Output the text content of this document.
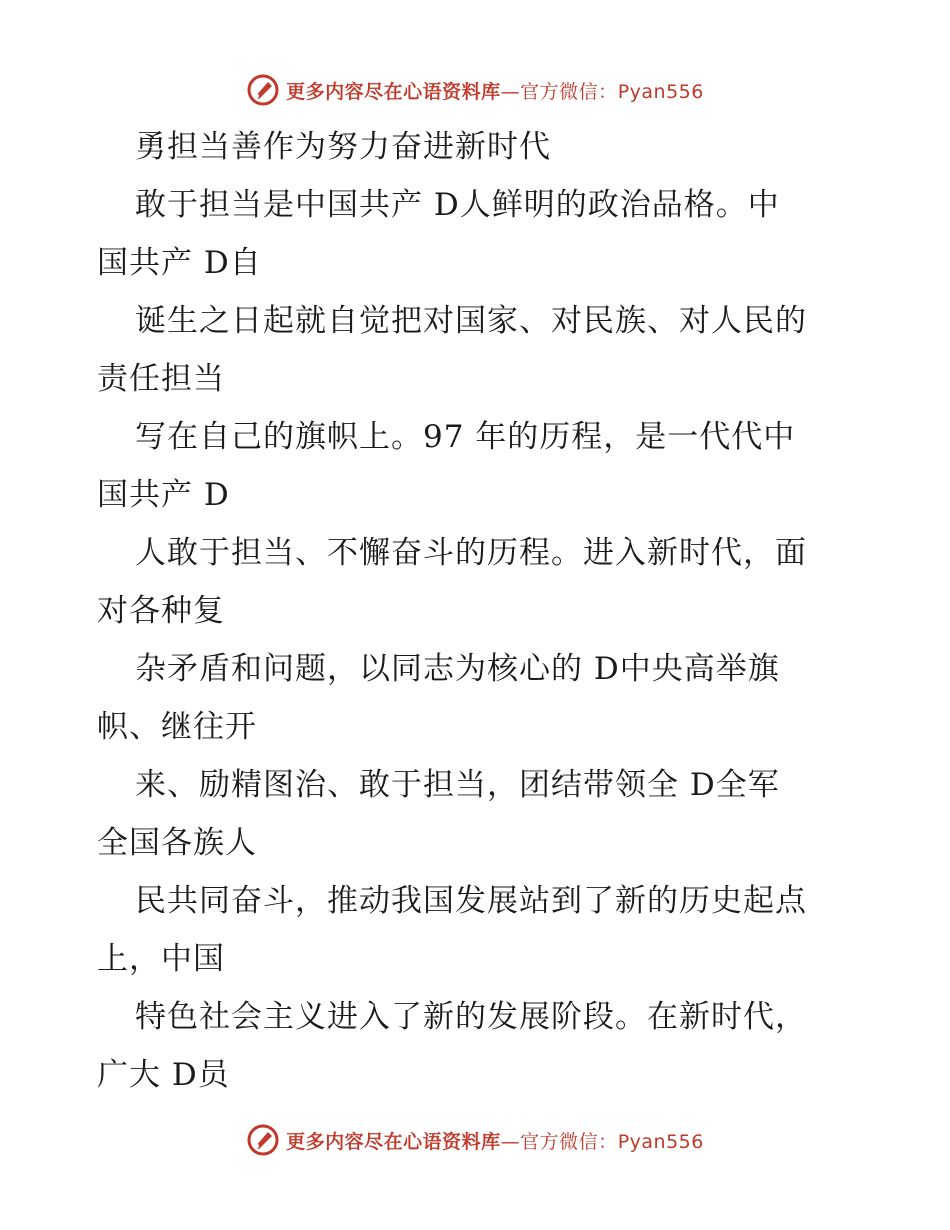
更多内容尽在心语资料库—官方微信：Pyan556
勇担当善作为努力奋进新时代
敢于担当是中国共产 D人鲜明的政治品格。中
国共产 D自
诞生之日起就自觉把对国家、对民族、对人民的
责任担当
写在自己的旗帜上。97 年的历程，是一代代中
国共产 D
人敢于担当、不懈奋斗的历程。进入新时代，面
对各种复
杂矛盾和问题，以同志为核心的 D中央高举旗
帜、继往开
来、励精图治、敢于担当，团结带领全 D全军
全国各族人
民共同奋斗，推动我国发展站到了新的历史起点
上，中国
特色社会主义进入了新的发展阶段。在新时代，
广大 D员
更多内容尽在心语资料库—官方微信：Pyan556
